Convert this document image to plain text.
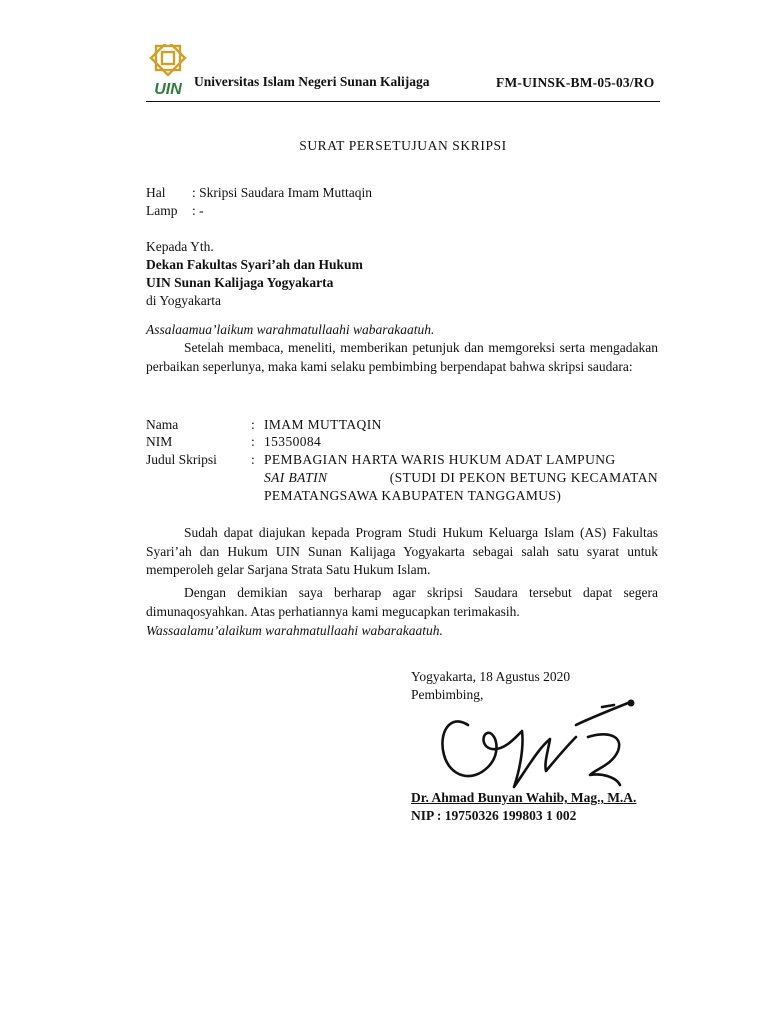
UIN Universitas Islam Negeri Sunan Kalijaga	FM-UINSK-BM-05-03/RO
SURAT PERSETUJUAN SKRIPSI
Hal : Skripsi Saudara Imam Muttaqin
Lamp : -
Kepada Yth.
Dekan Fakultas Syari’ah dan Hukum
UIN Sunan Kalijaga Yogyakarta
di Yogyakarta
Assalaamua’laikum warahmatullaahi wabarakaatuh.
Setelah membaca, meneliti, memberikan petunjuk dan memgoreksi serta mengadakan perbaikan seperlunya, maka kami selaku pembimbing berpendapat bahwa skripsi saudara:
Nama	: IMAM MUTTAQIN
NIM	: 15350084
Judul Skripsi	: PEMBAGIAN HARTA WARIS HUKUM ADAT LAMPUNG
SAI BATIN	(STUDI DI PEKON BETUNG KECAMATAN
PEMATANGSAWA KABUPATEN TANGGAMUS)
Sudah dapat diajukan kepada Program Studi Hukum Keluarga Islam (AS) Fakultas Syari’ah dan Hukum UIN Sunan Kalijaga Yogyakarta sebagai salah satu syarat untuk memperoleh gelar Sarjana Strata Satu Hukum Islam.
Dengan demikian saya berharap agar skripsi Saudara tersebut dapat segera dimunaqosyahkan. Atas perhatiannya kami megucapkan terimakasih.
Wassaalamu’alaikum warahmatullaahi wabarakaatuh.
Yogyakarta, 18 Agustus 2020
Pembimbing,
Dr. Ahmad Bunyan Wahib, Mag., M.A.
NIP : 19750326 199803 1 002
